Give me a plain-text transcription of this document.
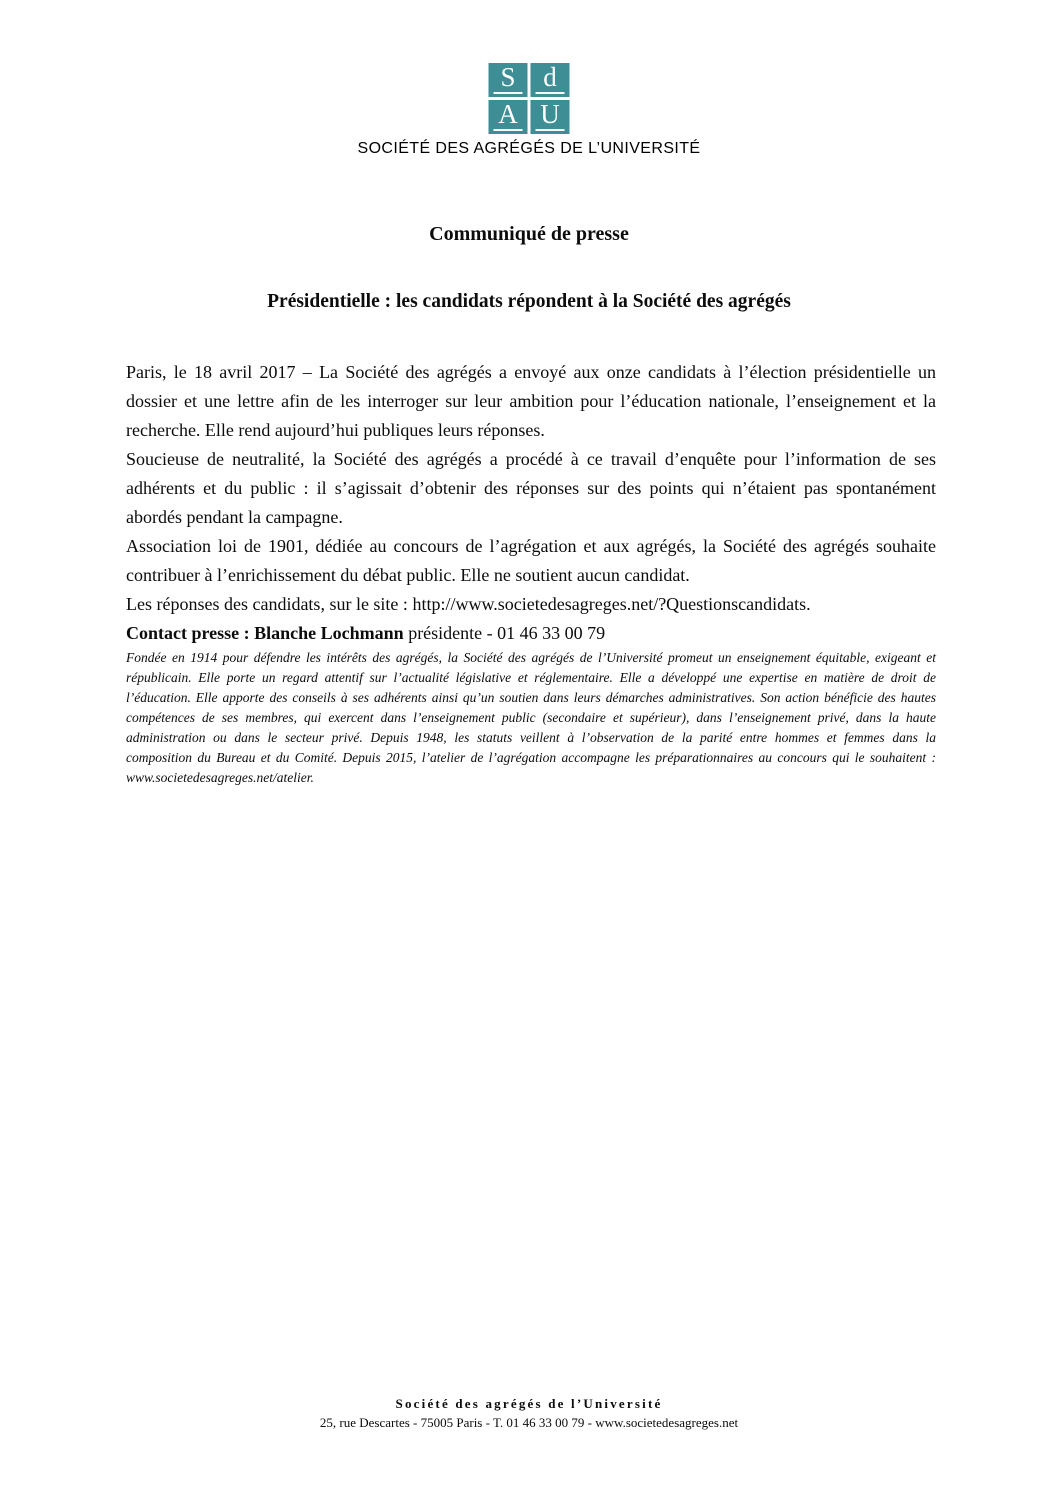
S	d
A U
SOCIÉTÉ DES AGRÉGÉS DE L’UNIVERSITÉ
Communiqué de presse
Présidentielle : les candidats répondent à la Société des agrégés

Paris, le 18 avril 2017 – La Société des agrégés a envoyé aux onze candidats à l’élection présidentielle un dossier et une lettre afin de les interroger sur leur ambition pour l’éducation nationale, l’enseignement et la recherche. Elle rend aujourd’hui publiques leurs réponses.

Soucieuse de neutralité, la Société des agrégés a procédé à ce travail d’enquête pour l’information de ses adhérents et du public : il s’agissait d’obtenir des réponses sur des points qui n’étaient pas spontanément abordés pendant la campagne.

Association loi de 1901, dédiée au concours de l’agrégation et aux agrégés, la Société des agrégés souhaite contribuer à l’enrichissement du débat public. Elle ne soutient aucun candidat.

Les réponses des candidats, sur le site : http://www.societedesagreges.net/?Questionscandidats.

Contact presse : Blanche Lochmann présidente - 01 46 33 00 79

Fondée en 1914 pour défendre les intérêts des agrégés, la Société des agrégés de l’Université promeut un enseignement équitable, exigeant et républicain. Elle porte un regard attentif sur l’actualité législative et réglementaire. Elle a développé une expertise en matière de droit de l’éducation. Elle apporte des conseils à ses adhérents ainsi qu’un soutien dans leurs démarches administratives. Son action bénéficie des hautes compétences de ses membres, qui exercent dans l’enseignement public (secondaire et supérieur), dans l’enseignement privé, dans la haute administration ou dans le secteur privé. Depuis 1948, les statuts veillent à l’observation de la parité entre hommes et femmes dans la composition du Bureau et du Comité. Depuis 2015, l’atelier de l’agrégation accompagne les préparationnaires au concours qui le souhaitent : www.societedesagreges.net/atelier.

Société des agrégés de l’Université
25, rue Descartes - 75005 Paris - T. 01 46 33 00 79 - www.societedesagreges.net
